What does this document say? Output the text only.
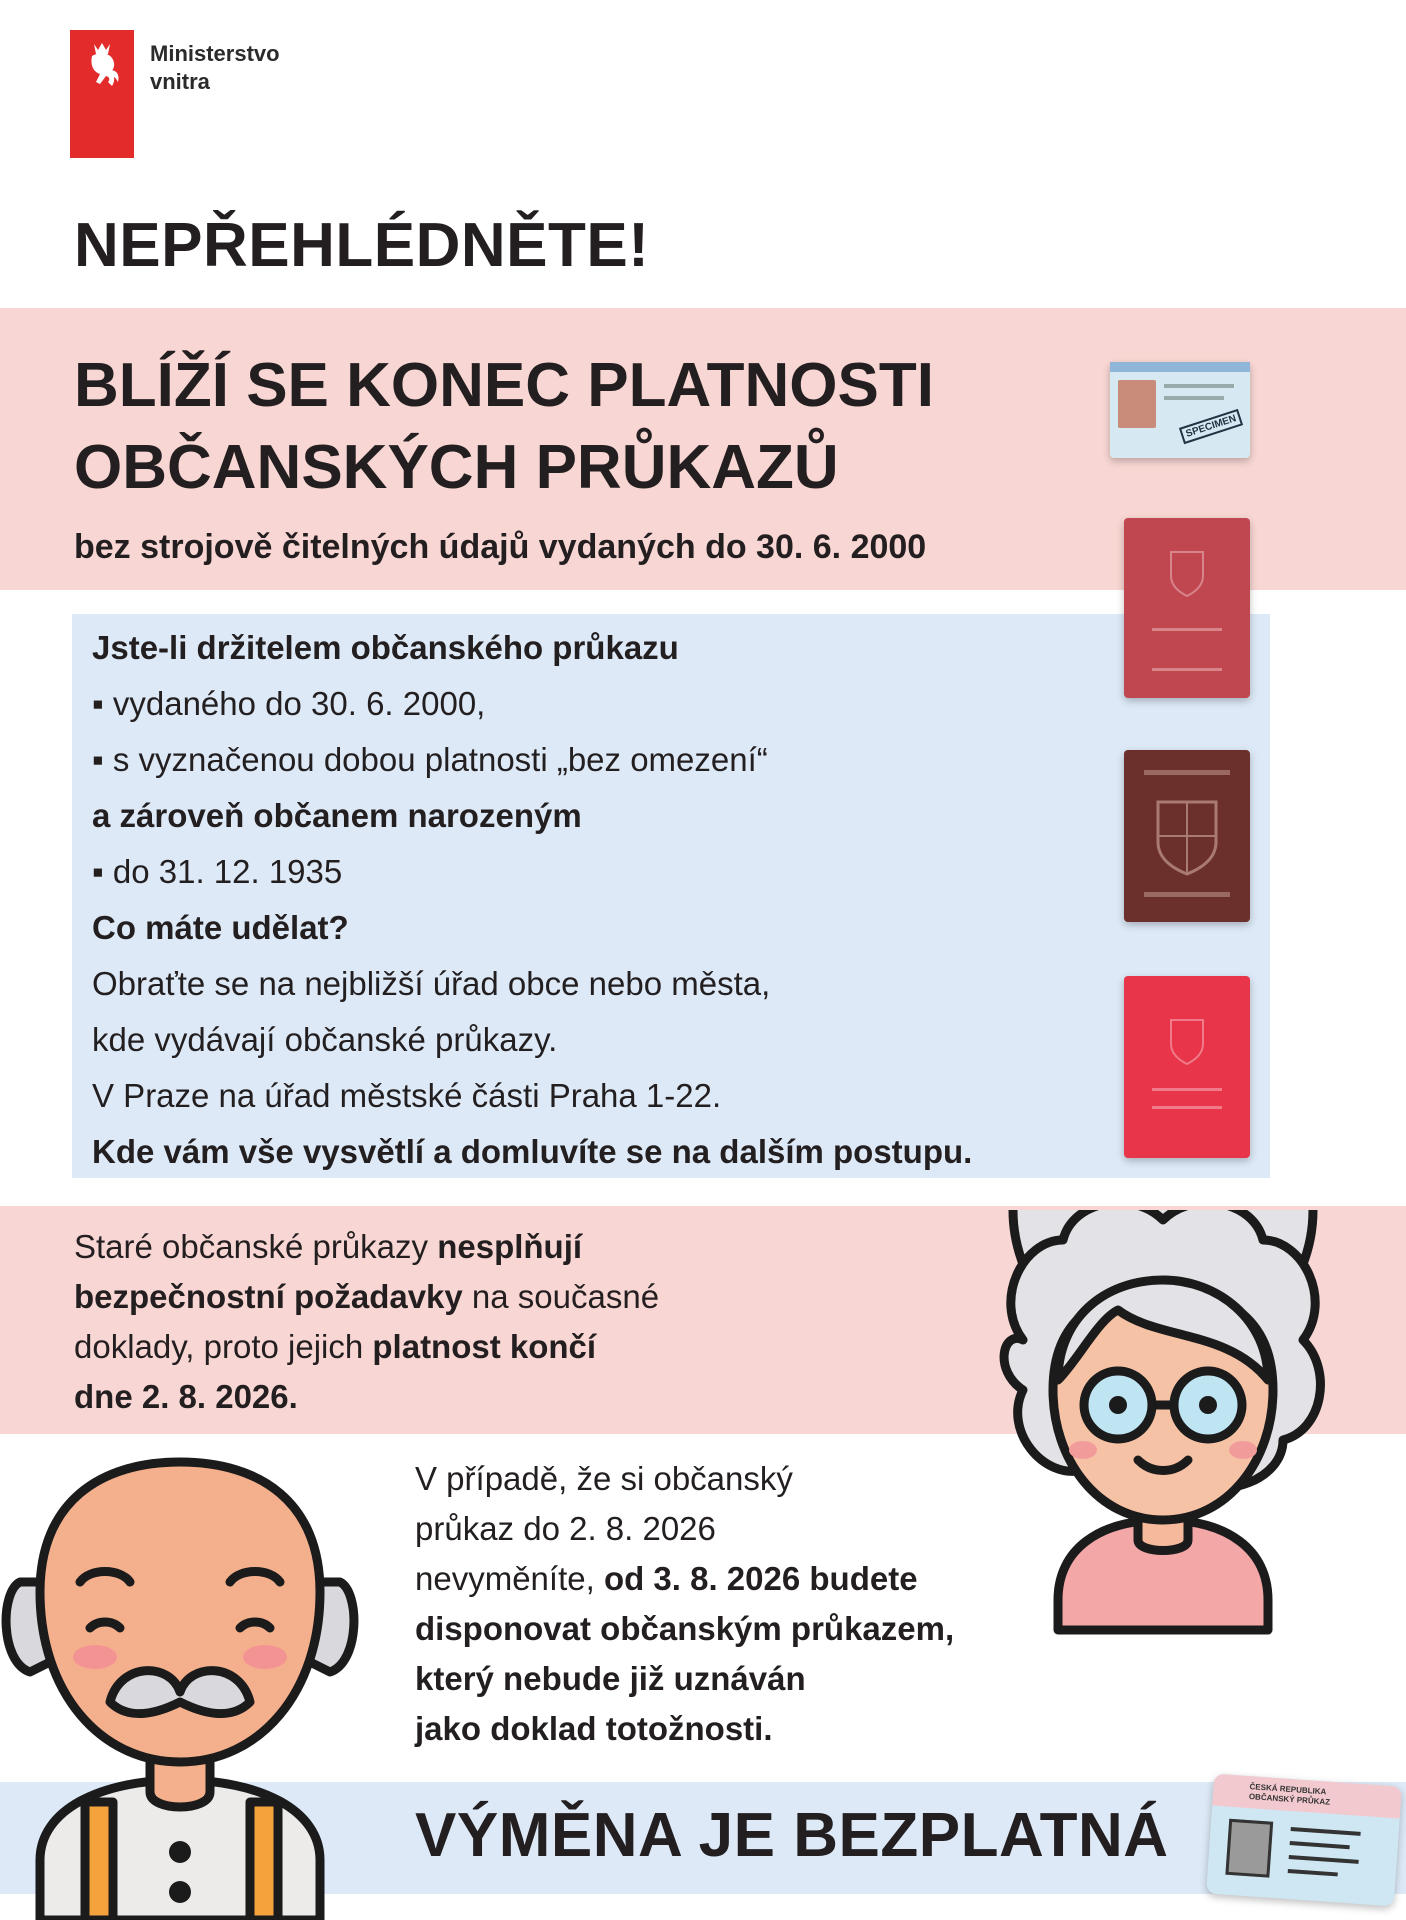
Ministerstvo
vnitra
NEPŘEHLÉDNĚTE!
BLÍŽÍ SE KONEC PLATNOSTI
OBČANSKÝCH PRŮKAZŮ
bez strojově čitelných údajů vydaných do 30. 6. 2000
Jste-li držitelem občanského průkazu
▪ vydaného do 30. 6. 2000,
▪ s vyznačenou dobou platnosti „bez omezení“
a zároveň občanem narozeným
▪ do 31. 12. 1935
Co máte udělat?
Obraťte se na nejbližší úřad obce nebo města,
kde vydávají občanské průkazy.
V Praze na úřad městské části Praha 1-22.
Kde vám vše vysvětlí a domluvíte se na dalším postupu.
SPECIMEN
Staré občanské průkazy nesplňují
bezpečnostní požadavky na současné
doklady, proto jejich platnost končí
dne 2. 8. 2026.
V případě, že si občanský
průkaz do 2. 8. 2026
nevyměníte, od 3. 8. 2026 budete
disponovat občanským průkazem,
který nebude již uznáván
jako doklad totožnosti.
VÝMĚNA JE BEZPLATNÁ
ČESKÁ REPUBLIKA OBČANSKÝ PRŮKAZ
